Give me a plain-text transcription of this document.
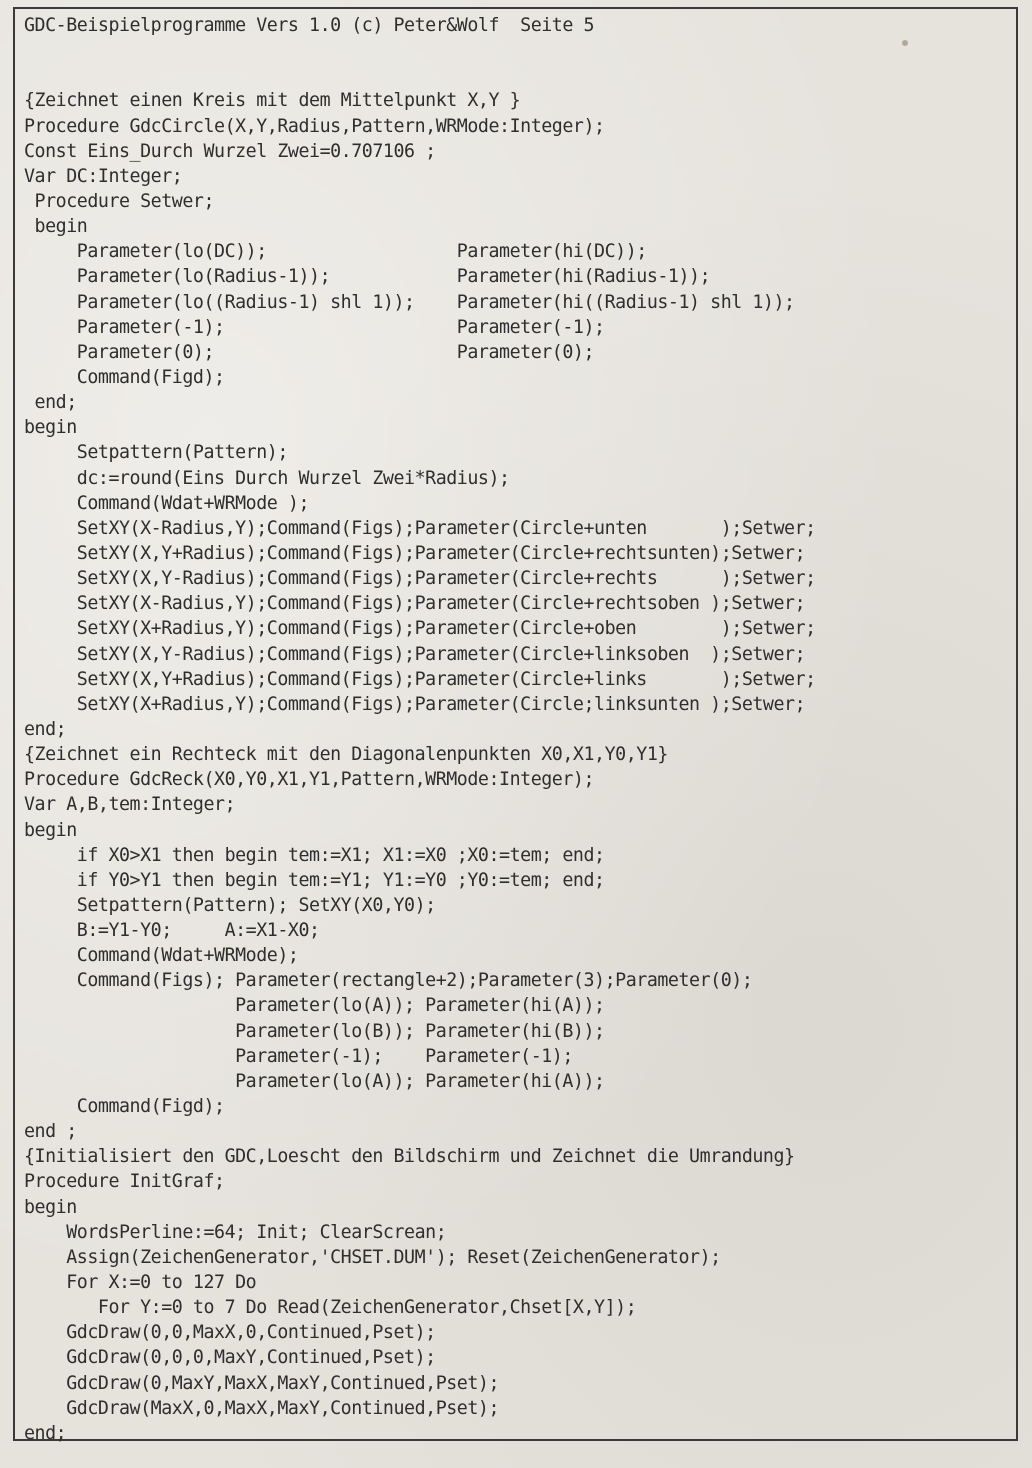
GDC-Beispielprogramme Vers 1.0 (c) Peter&Wolf  Seite 5
{Zeichnet einen Kreis mit dem Mittelpunkt X,Y }
Procedure GdcCircle(X,Y,Radius,Pattern,WRMode:Integer);
Const Eins_Durch Wurzel Zwei=0.707106 ;
Var DC:Integer;
Procedure Setwer;
begin
Parameter(lo(DC));                  Parameter(hi(DC));
Parameter(lo(Radius-1));            Parameter(hi(Radius-1));
Parameter(lo((Radius-1) shl 1));    Parameter(hi((Radius-1) shl 1));
Parameter(-1);                      Parameter(-1);
Parameter(0);                       Parameter(0);
Command(Figd);
end;
begin
Setpattern(Pattern);
dc:=round(Eins Durch Wurzel Zwei*Radius);
Command(Wdat+WRMode );
SetXY(X-Radius,Y);Command(Figs);Parameter(Circle+unten       );Setwer;
SetXY(X,Y+Radius);Command(Figs);Parameter(Circle+rechtsunten);Setwer;
SetXY(X,Y-Radius);Command(Figs);Parameter(Circle+rechts      );Setwer;
SetXY(X-Radius,Y);Command(Figs);Parameter(Circle+rechtsoben );Setwer;
SetXY(X+Radius,Y);Command(Figs);Parameter(Circle+oben        );Setwer;
SetXY(X,Y-Radius);Command(Figs);Parameter(Circle+linksoben  );Setwer;
SetXY(X,Y+Radius);Command(Figs);Parameter(Circle+links       );Setwer;
SetXY(X+Radius,Y);Command(Figs);Parameter(Circle;linksunten );Setwer;
end;
{Zeichnet ein Rechteck mit den Diagonalenpunkten X0,X1,Y0,Y1}
Procedure GdcReck(X0,Y0,X1,Y1,Pattern,WRMode:Integer);
Var A,B,tem:Integer;
begin
if X0>X1 then begin tem:=X1; X1:=X0 ;X0:=tem; end;
if Y0>Y1 then begin tem:=Y1; Y1:=Y0 ;Y0:=tem; end;
Setpattern(Pattern); SetXY(X0,Y0);
B:=Y1-Y0;     A:=X1-X0;
Command(Wdat+WRMode);
Command(Figs); Parameter(rectangle+2);Parameter(3);Parameter(0);
Parameter(lo(A)); Parameter(hi(A));
Parameter(lo(B)); Parameter(hi(B));
Parameter(-1);    Parameter(-1);
Parameter(lo(A)); Parameter(hi(A));
Command(Figd);
end ;
{Initialisiert den GDC,Loescht den Bildschirm und Zeichnet die Umrandung}
Procedure InitGraf;
begin
WordsPerline:=64; Init; ClearScrean;
Assign(ZeichenGenerator,'CHSET.DUM'); Reset(ZeichenGenerator);
For X:=0 to 127 Do
For Y:=0 to 7 Do Read(ZeichenGenerator,Chset[X,Y]);
GdcDraw(0,0,MaxX,0,Continued,Pset);
GdcDraw(0,0,0,MaxY,Continued,Pset);
GdcDraw(0,MaxY,MaxX,MaxY,Continued,Pset);
GdcDraw(MaxX,0,MaxX,MaxY,Continued,Pset);
end;
